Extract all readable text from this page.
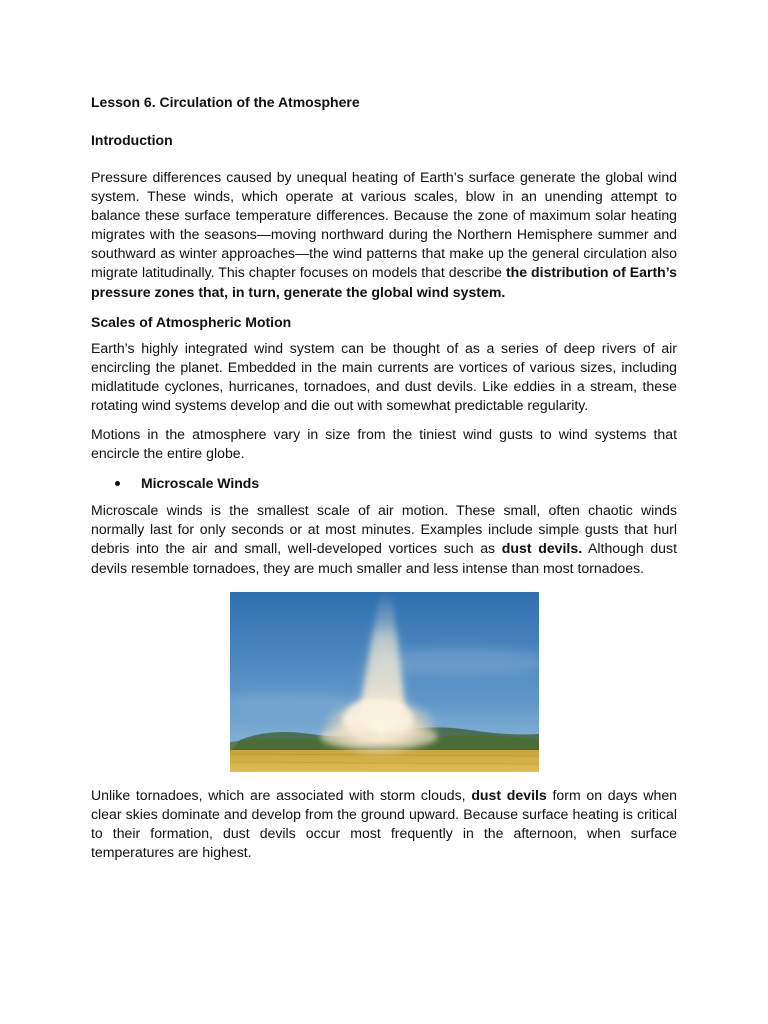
Lesson 6. Circulation of the Atmosphere
Introduction

Pressure differences caused by unequal heating of Earth’s surface generate the global wind system. These winds, which operate at various scales, blow in an unending attempt to balance these surface temperature differences. Because the zone of maximum solar heating migrates with the seasons—moving northward during the Northern Hemisphere summer and southward as winter approaches—the wind patterns that make up the general circulation also migrate latitudinally. This chapter focuses on models that describe the distribution of Earth’s pressure zones that, in turn, generate the global wind system.

Scales of Atmospheric Motion

Earth’s highly integrated wind system can be thought of as a series of deep rivers of air encircling the planet. Embedded in the main currents are vortices of various sizes, including midlatitude cyclones, hurricanes, tornadoes, and dust devils. Like eddies in a stream, these rotating wind systems develop and die out with somewhat predictable regularity.

Motions in the atmosphere vary in size from the tiniest wind gusts to wind systems that encircle the entire globe.

Microscale Winds

Microscale winds is the smallest scale of air motion. These small, often chaotic winds normally last for only seconds or at most minutes. Examples include simple gusts that hurl debris into the air and small, well-developed vortices such as dust devils. Although dust devils resemble tornadoes, they are much smaller and less intense than most tornadoes.

Unlike tornadoes, which are associated with storm clouds, dust devils form on days when clear skies dominate and develop from the ground upward. Because surface heating is critical to their formation, dust devils occur most frequently in the afternoon, when surface temperatures are highest.
